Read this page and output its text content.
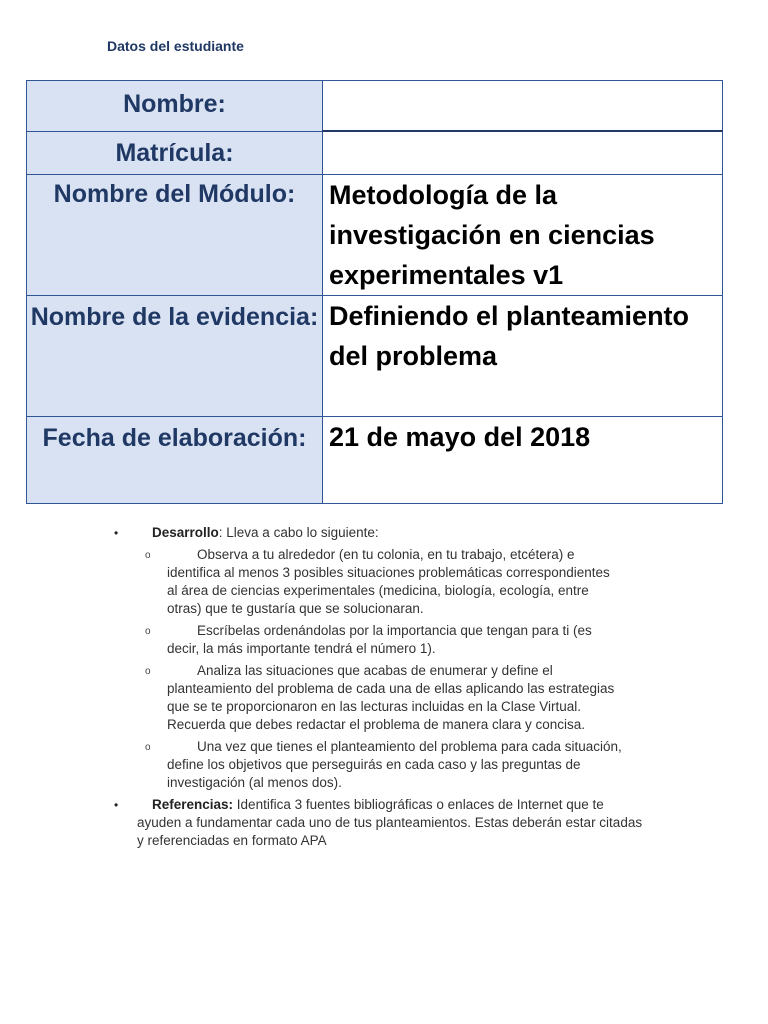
Datos del estudiante
Nombre:	
Matrícula:	
Nombre del Módulo:	Metodología de la investigación en ciencias experimentales v1
Nombre de la evidencia:	Definiendo el planteamiento del problema
Fecha de elaboración:	21 de mayo del 2018
•	Desarrollo: Lleva a cabo lo siguiente:
o	Observa a tu alrededor (en tu colonia, en tu trabajo, etcétera) e identifica al menos 3 posibles situaciones problemáticas correspondientes al área de ciencias experimentales (medicina, biología, ecología, entre otras) que te gustaría que se solucionaran.
o	Escríbelas ordenándolas por la importancia que tengan para ti (es decir, la más importante tendrá el número 1).
o	Analiza las situaciones que acabas de enumerar y define el planteamiento del problema de cada una de ellas aplicando las estrategias que se te proporcionaron en las lecturas incluidas en la Clase Virtual. Recuerda que debes redactar el problema de manera clara y concisa.
o	Una vez que tienes el planteamiento del problema para cada situación, define los objetivos que perseguirás en cada caso y las preguntas de investigación (al menos dos).
•	Referencias: Identifica 3 fuentes bibliográficas o enlaces de Internet que te ayuden a fundamentar cada uno de tus planteamientos. Estas deberán estar citadas y referenciadas en formato APA
